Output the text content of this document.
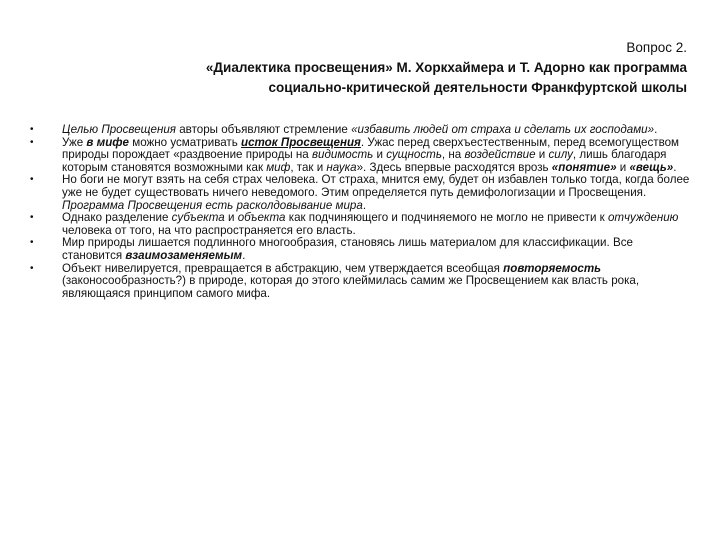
Вопрос 2.
«Диалектика просвещения» М. Хоркхаймера и Т. Адорно как программа
социально-критической деятельности Франкфуртской школы
•	Целью Просвещения авторы объявляют стремление «избавить людей от страха и сделать их господами».
•	Уже в мифе можно усматривать исток Просвещения. Ужас перед сверхъестественным, перед всемогуществом природы порождает «раздвоение природы на видимость и сущность, на воздействие и силу, лишь благодаря которым становятся возможными как миф, так и наука». Здесь впервые расходятся врозь «понятие» и «вещь».
•	Но боги не могут взять на себя страх человека. От страха, мнится ему, будет он избавлен только тогда, когда более уже не будет существовать ничего неведомого. Этим определяется путь демифологизации и Просвещения. Программа Просвещения есть расколдовывание мира.
•	Однако разделение субъекта и объекта как подчиняющего и подчиняемого не могло не привести к отчуждению человека от того, на что распространяется его власть.
•	Мир природы лишается подлинного многообразия, становясь лишь материалом для классификации. Все становится взаимозаменяемым.
•	Объект нивелируется, превращается в абстракцию, чем утверждается всеобщая повторяемость (законосообразность?) в природе, которая до этого клеймилась самим же Просвещением как власть рока, являющаяся принципом самого мифа.
